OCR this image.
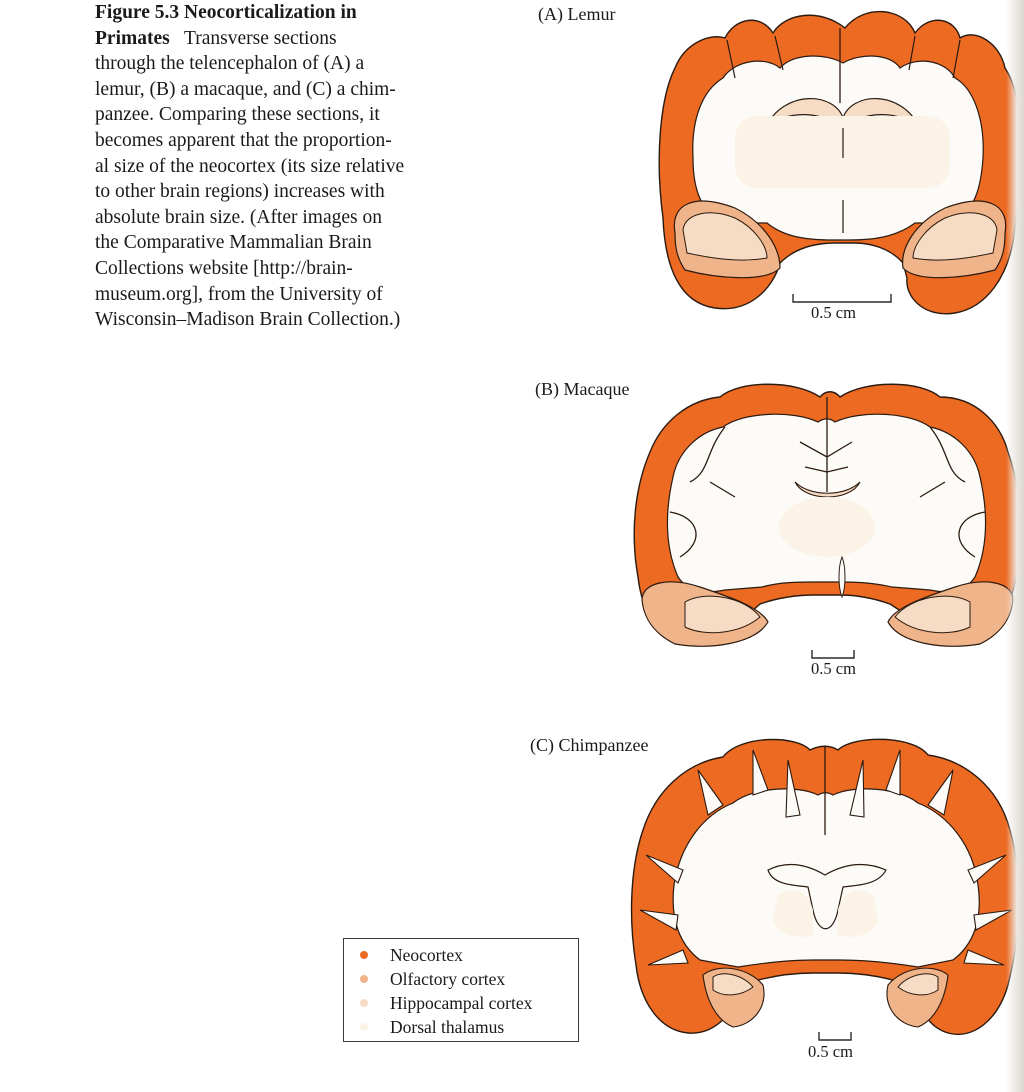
Figure 5.3 Neocorticalization in
Primates Transverse sections
through the telencephalon of (A) a
lemur, (B) a macaque, and (C) a chim-
panzee. Comparing these sections, it
becomes apparent that the proportion-
al size of the neocortex (its size relative
to other brain regions) increases with
absolute brain size. (After images on
the Comparative Mammalian Brain
Collections website [http://brain-
museum.org], from the University of
Wisconsin–Madison Brain Collection.)
(A) Lemur
0.5 cm
(B) Macaque
0.5 cm
(C) Chimpanzee
0.5 cm
Neocortex
Olfactory cortex
Hippocampal cortex
Dorsal thalamus
